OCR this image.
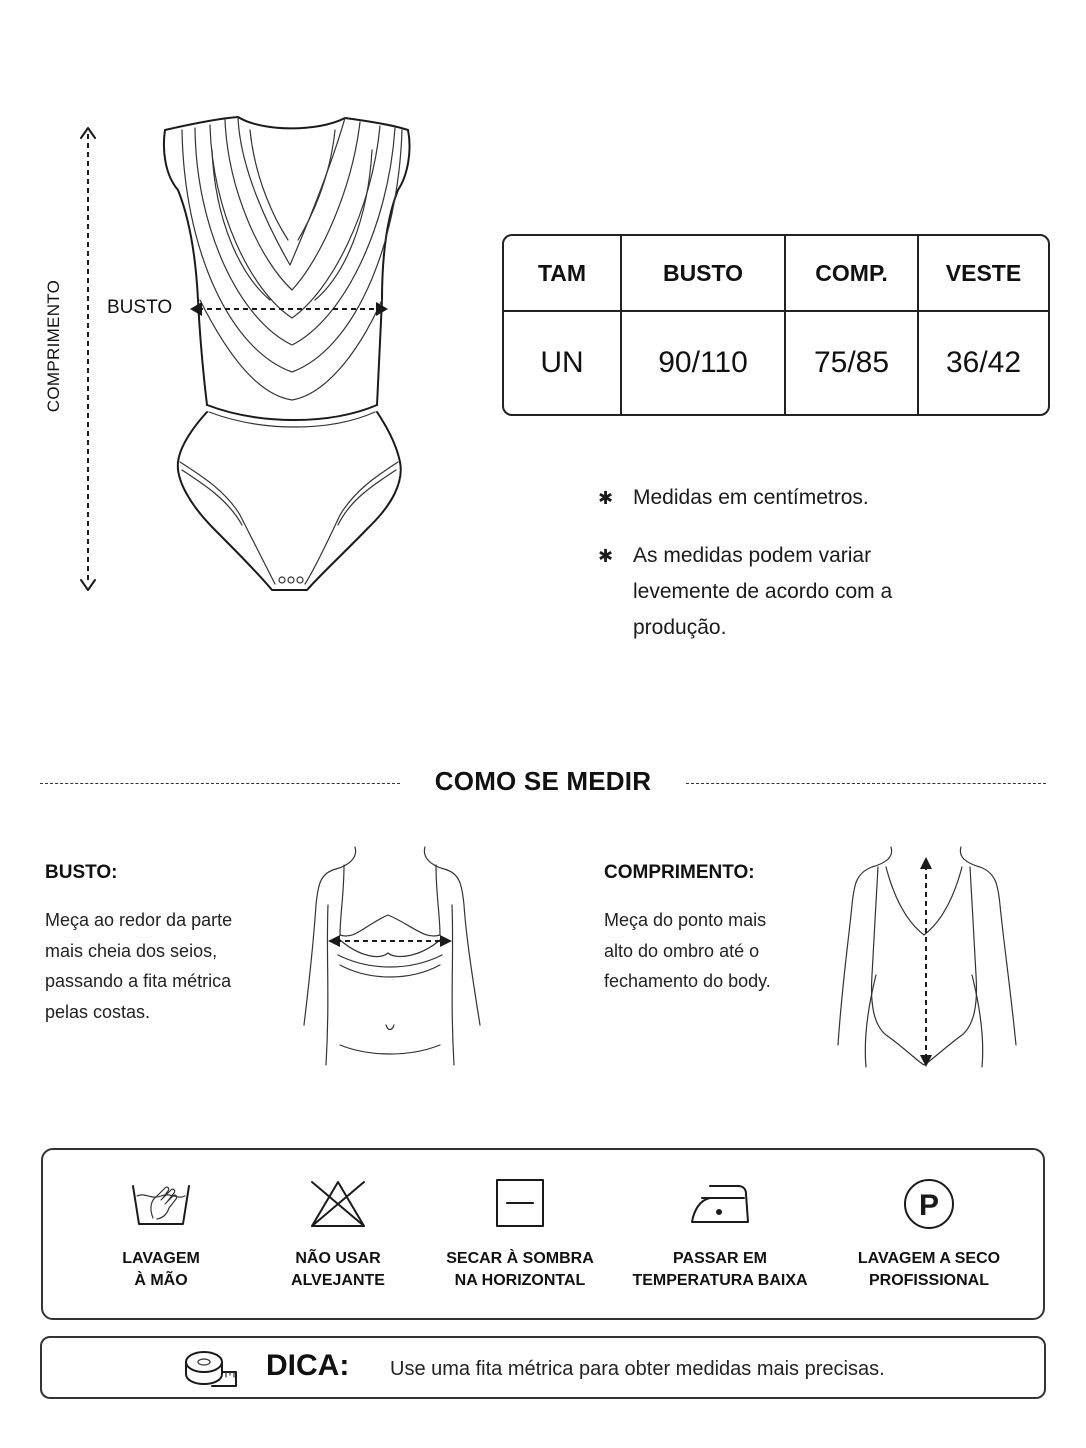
COMPRIMENTO BUSTO
TAM	BUSTO	COMP.	VESTE
UN	90/110	75/85	36/42
✱ Medidas em centímetros.
✱ As medidas podem variar levemente de acordo com a produção.
COMO SE MEDIR
BUSTO:
Meça ao redor da parte
mais cheia dos seios,
passando a fita métrica
pelas costas.
COMPRIMENTO:
Meça do ponto mais
alto do ombro até o
fechamento do body.
LAVAGEM
À MÃO
NÃO USAR
ALVEJANTE
SECAR À SOMBRA
NA HORIZONTAL
PASSAR EM
TEMPERATURA BAIXA
P
LAVAGEM A SECO
PROFISSIONAL
DICA: Use uma fita métrica para obter medidas mais precisas.
